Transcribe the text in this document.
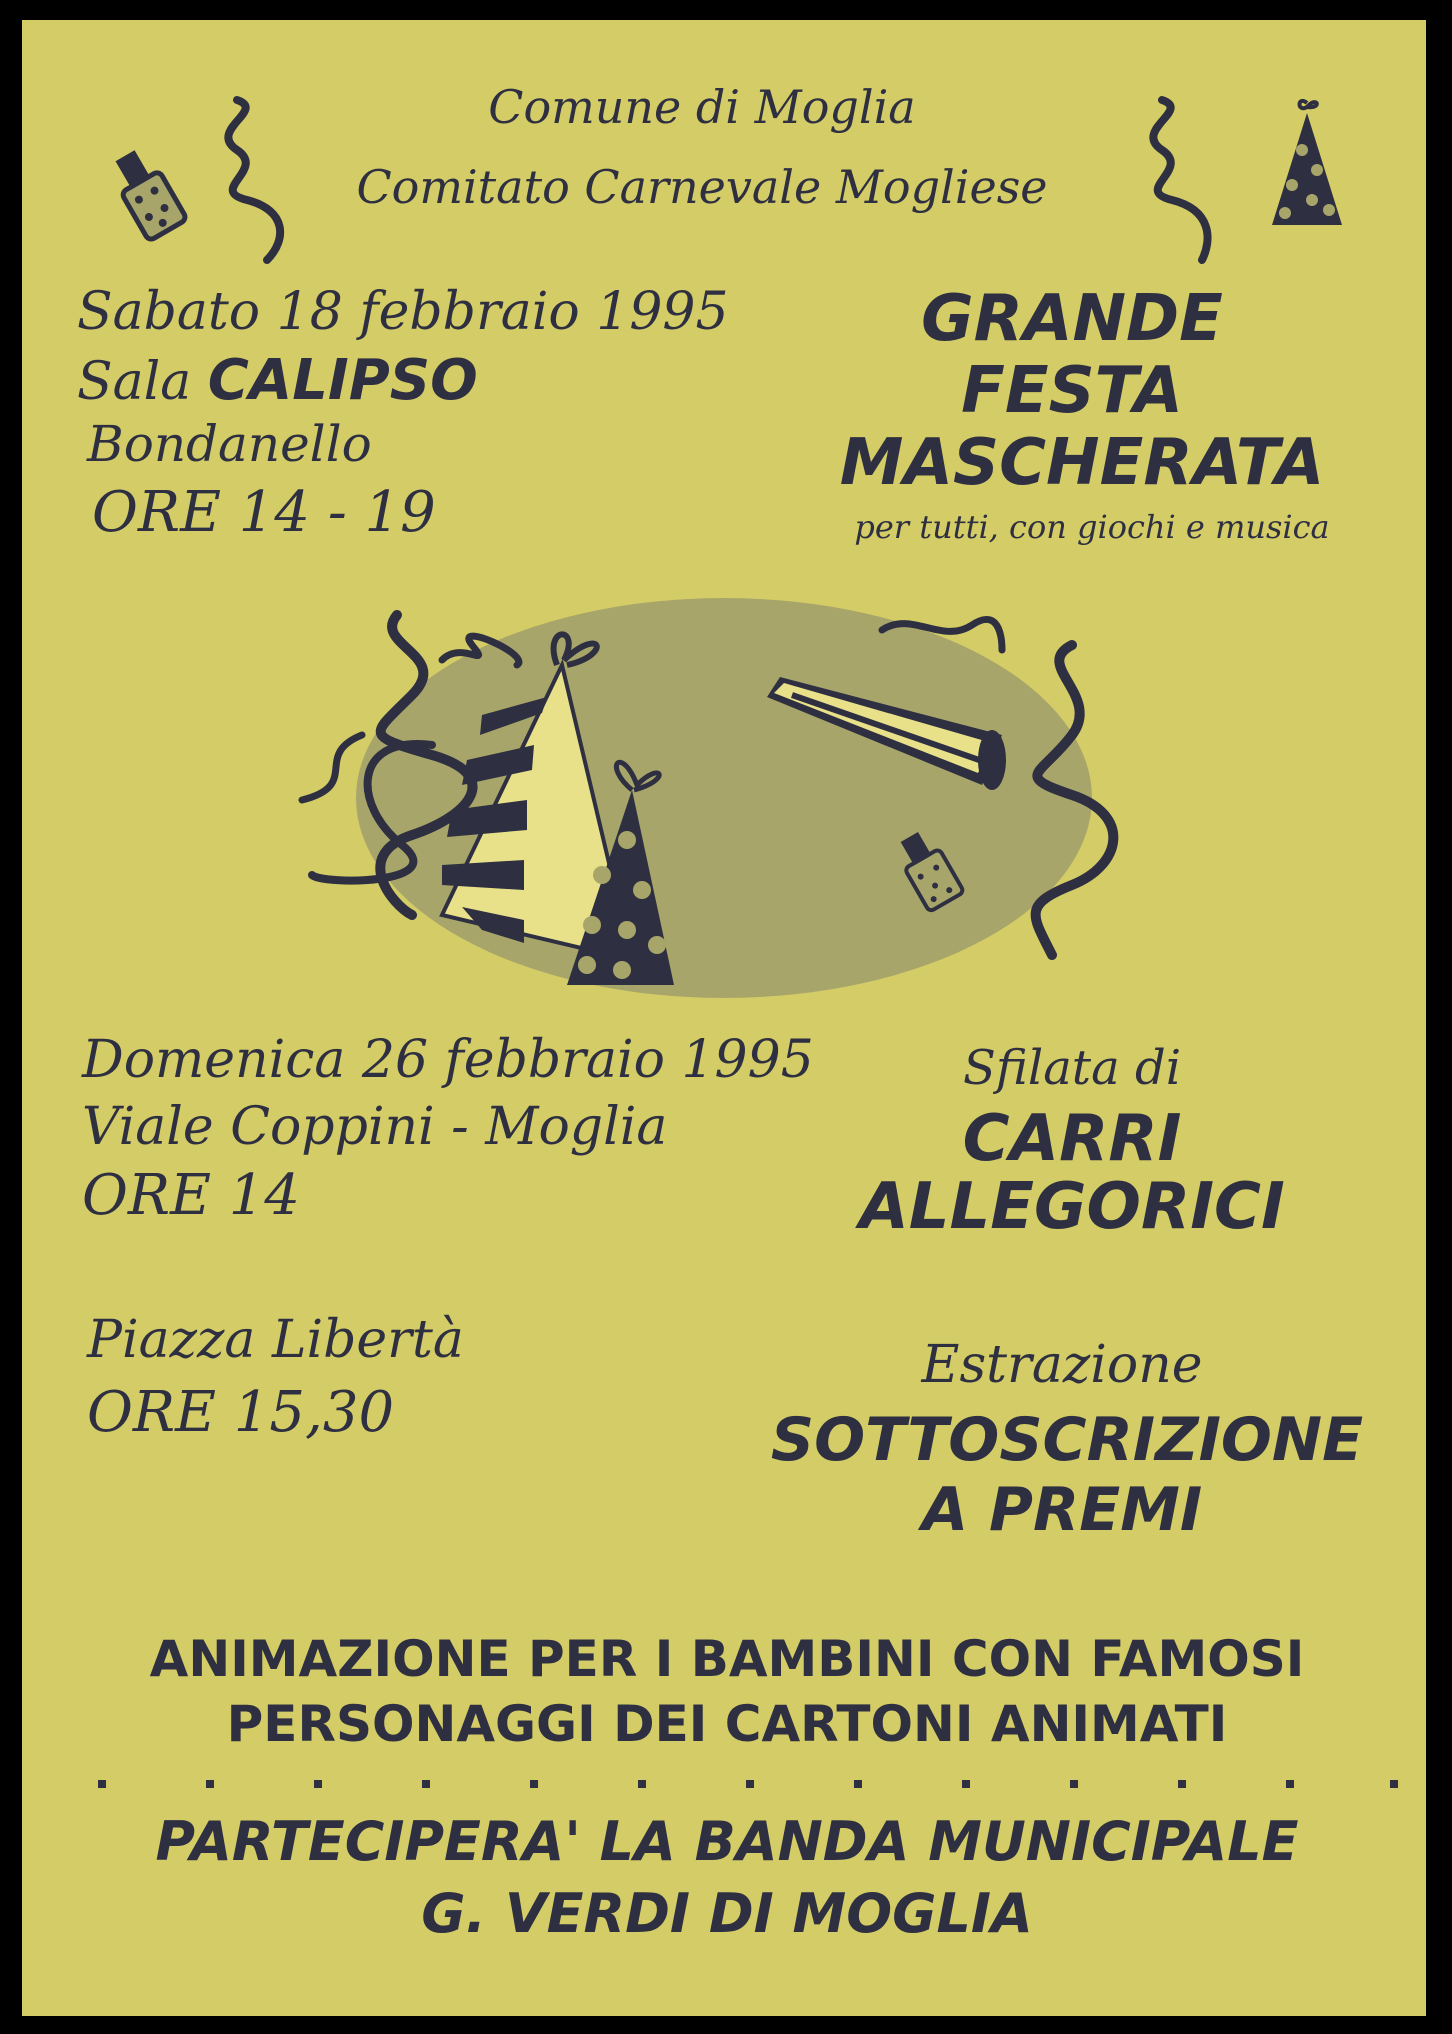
Comune di Moglia

Comitato Carnevale Mogliese

Sabato 18 febbraio 1995

Sala CALIPSO

Bondanello

ORE 14 - 19

GRANDE

FESTA

MASCHERATA

per tutti, con giochi e musica

Domenica 26 febbraio 1995

Viale Coppini - Moglia

ORE 14

Sfilata di

CARRI

ALLEGORICI

Piazza Libertà

ORE 15,30

Estrazione

SOTTOSCRIZIONE

A PREMI

ANIMAZIONE PER I BAMBINI CON FAMOSI

PERSONAGGI DEI CARTONI ANIMATI

PARTECIPERA' LA BANDA MUNICIPALE

G. VERDI DI MOGLIA
